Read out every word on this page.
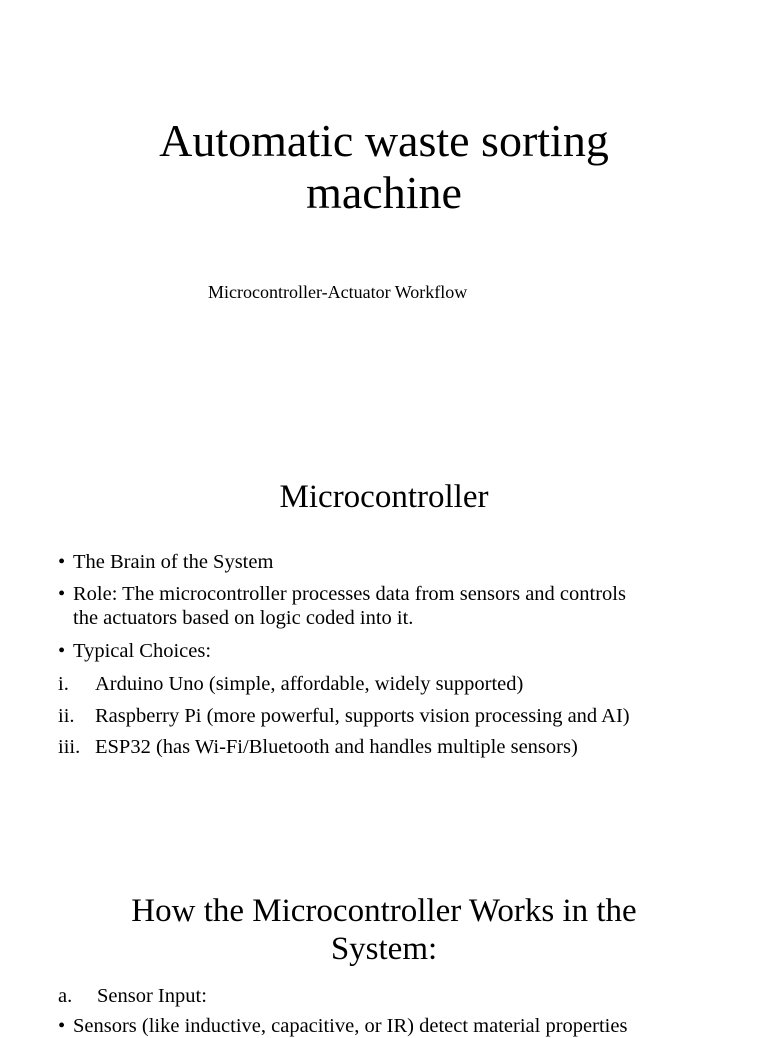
Automatic waste sorting
machine
Microcontroller-Actuator Workflow
Microcontroller
• The Brain of the System
• Role: The microcontroller processes data from sensors and controls
the actuators based on logic coded into it.
• Typical Choices:
i. Arduino Uno (simple, affordable, widely supported)
ii. Raspberry Pi (more powerful, supports vision processing and AI)
iii. ESP32 (has Wi-Fi/Bluetooth and handles multiple sensors)
How the Microcontroller Works in the
System:
a. Sensor Input:
• Sensors (like inductive, capacitive, or IR) detect material properties
